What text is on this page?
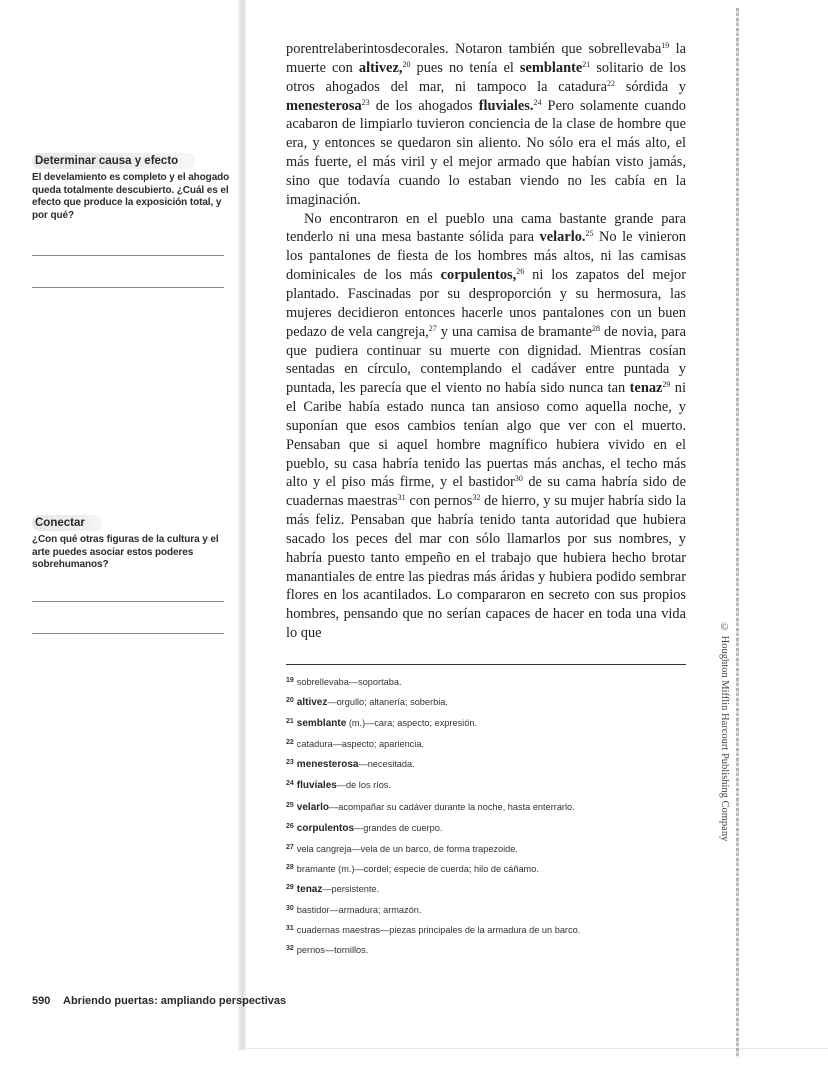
Determinar causa y efecto
El develamiento es completo y el ahogado queda totalmente descubierto. ¿Cuál es el efecto que produce la exposición total, y por qué?
Conectar
¿Con qué otras figuras de la cultura y el arte puedes asociar estos poderes sobrehumanos?

porentrelaberintosdecorales. Notaron también que sobrellevaba$^{19}$ la muerte con altivez,$^{20}$ pues no tenía el semblante$^{21}$ solitario de los otros ahogados del mar, ni tampoco la catadura$^{22}$ sórdida y menesterosa$^{23}$ de los ahogados fluviales.$^{24}$ Pero solamente cuando acabaron de limpiarlo tuvieron conciencia de la clase de hombre que era, y entonces se quedaron sin aliento. No sólo era el más alto, el más fuerte, el más viril y el mejor armado que habían visto jamás, sino que todavía cuando lo estaban viendo no les cabía en la imaginación.

No encontraron en el pueblo una cama bastante grande para tenderlo ni una mesa bastante sólida para velarlo.$^{25}$ No le vinieron los pantalones de fiesta de los hombres más altos, ni las camisas dominicales de los más corpulentos,$^{26}$ ni los zapatos del mejor plantado. Fascinadas por su desproporción y su hermosura, las mujeres decidieron entonces hacerle unos pantalones con un buen pedazo de vela cangreja,$^{27}$ y una camisa de bramante$^{28}$ de novia, para que pudiera continuar su muerte con dignidad. Mientras cosían sentadas en círculo, contemplando el cadáver entre puntada y puntada, les parecía que el viento no había sido nunca tan tenaz$^{29}$ ni el Caribe había estado nunca tan ansioso como aquella noche, y suponían que esos cambios tenían algo que ver con el muerto. Pensaban que si aquel hombre magnífico hubiera vivido en el pueblo, su casa habría tenido las puertas más anchas, el techo más alto y el piso más firme, y el bastidor$^{30}$ de su cama habría sido de cuadernas maestras$^{31}$ con pernos$^{32}$ de hierro, y su mujer habría sido la más feliz. Pensaban que habría tenido tanta autoridad que hubiera sacado los peces del mar con sólo llamarlos por sus nombres, y habría puesto tanto empeño en el trabajo que hubiera hecho brotar manantiales de entre las piedras más áridas y hubiera podido sembrar flores en los acantilados. Lo compararon en secreto con sus propios hombres, pensando que no serían capaces de hacer en toda una vida lo que

$^{19}$ sobrellevaba—soportaba.
$^{20}$ altivez—orgullo; altanería; soberbia.
$^{21}$ semblante (m.)—cara; aspecto; expresión.
$^{22}$ catadura—aspecto; apariencia.
$^{23}$ menesterosa—necesitada.
$^{24}$ fluviales—de los ríos.
$^{25}$ velarlo—acompañar su cadáver durante la noche, hasta enterrarlo.
$^{26}$ corpulentos—grandes de cuerpo.
$^{27}$ vela cangreja—vela de un barco, de forma trapezoide.
$^{28}$ bramante (m.)—cordel; especie de cuerda; hilo de cáñamo.
$^{29}$ tenaz—persistente.
$^{30}$ bastidor—armadura; armazón.
$^{31}$ cuadernas maestras—piezas principales de la armadura de un barco.
$^{32}$ pernos—tornillos.
590 Abriendo puertas: ampliando perspectivas
© Houghton Mifflin Harcourt Publishing Company
